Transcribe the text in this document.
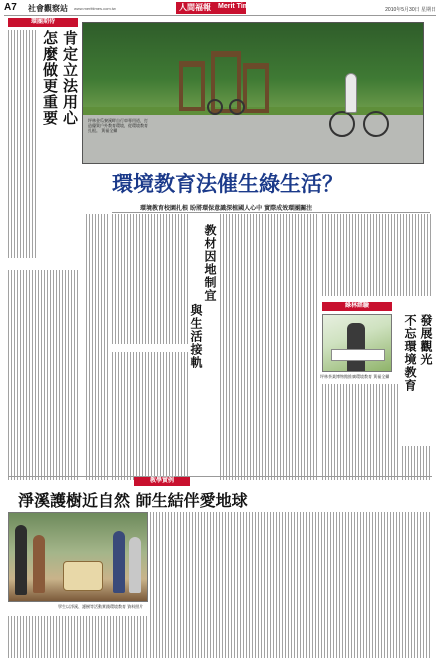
A7 社會觀察站 www.merittimes.com.tw	人間福報	Merit Times	2010年5月30日 星期日
環團期待
肯定立法用心
怎麼做更重要	坪林金瓜寮溪畔自行車專用道，打造優質戶外教育環境，從環境教育扎根。 黃福全攝
環境教育法催生綠生活？
環境教育校園扎根 盼將環保意識深植國人心中 實際成效環團關注
教材因地制宜
與生活接軌	綠林經驗
坪林茶業博物館推廣環境教育 黃福全攝
發展觀光
不忘環境教育
教學實例
淨溪護樹近自然 師生結伴愛地球
學生以淨溪、護樹等活動實踐環境教育 資料照片
